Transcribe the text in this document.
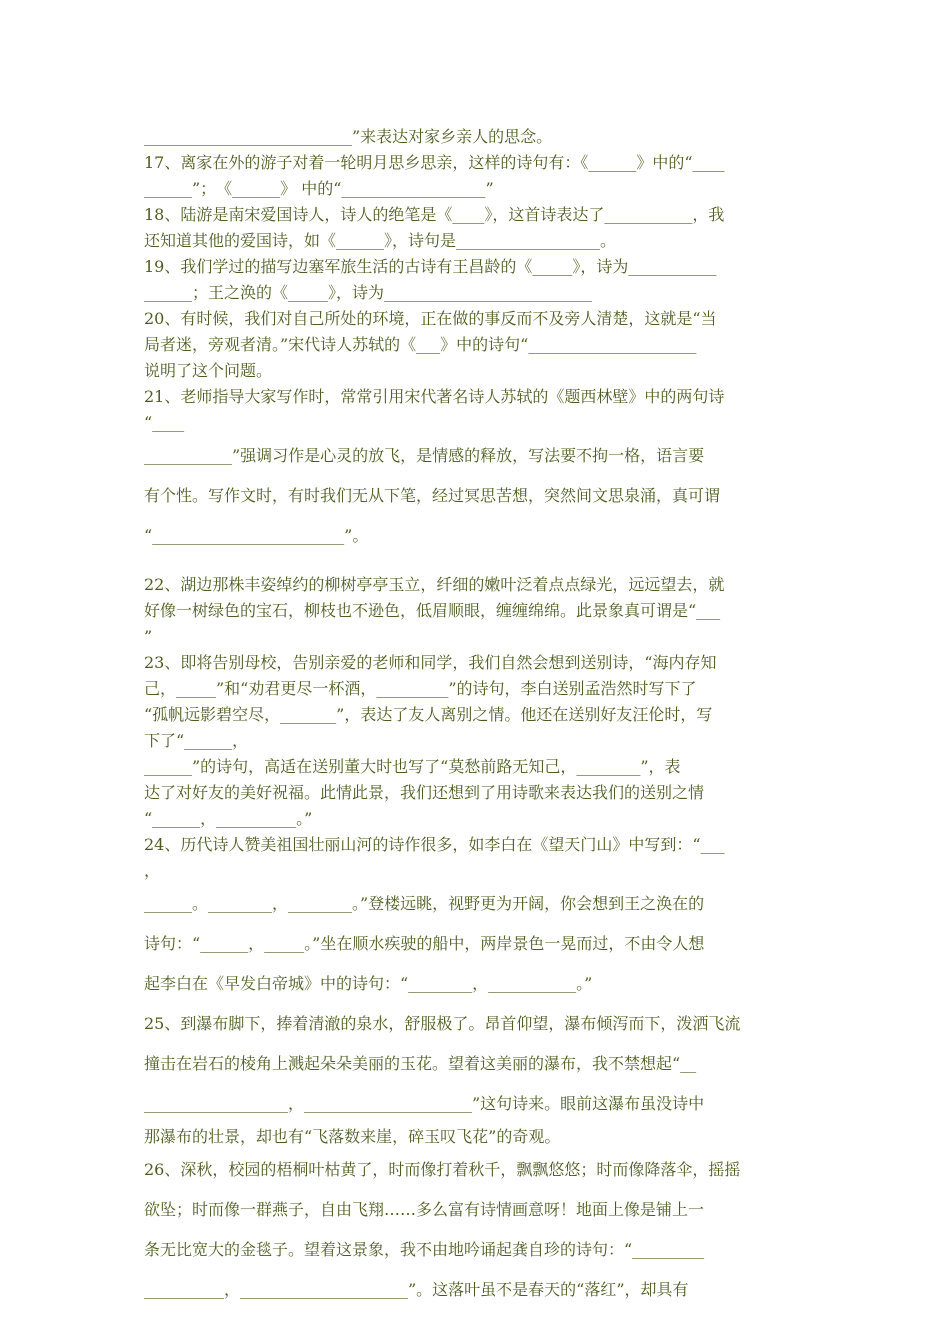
__________________________”来表达对家乡亲人的思念。
17、离家在外的游子对着一轮明月思乡思亲，这样的诗句有：《______》中的“____
______”；　《______》 中的“__________________”
18、陆游是南宋爱国诗人，诗人的绝笔是《____》，这首诗表达了___________，我
还知道其他的爱国诗，如《______》，诗句是__________________。
19、我们学过的描写边塞军旅生活的古诗有王昌龄的《_____》，诗为___________
______；王之涣的《_____》，诗为__________________________
20、有时候，我们对自己所处的环境，正在做的事反而不及旁人清楚，这就是“当
局者迷，旁观者清。”宋代诗人苏轼的《___》中的诗句“_____________________
说明了这个问题。
21、老师指导大家写作时，常常引用宋代著名诗人苏轼的《题西林壁》中的两句诗
“____
___________”强调习作是心灵的放飞，是情感的释放，写法要不拘一格，语言要
有个性。写作文时，有时我们无从下笔，经过冥思苦想，突然间文思泉涌，真可谓
“________________________”。
22、湖边那株丰姿绰约的柳树亭亭玉立，纤细的嫩叶泛着点点绿光，远远望去，就
好像一树绿色的宝石，柳枝也不逊色，低眉顺眼，缠缠绵绵。此景象真可谓是“___
”
23、即将告别母校，告别亲爱的老师和同学，我们自然会想到送别诗，“海内存知
己，_____”和“劝君更尽一杯酒，_________”的诗句，李白送别孟浩然时写下了
“孤帆远影碧空尽，_______”，表达了友人离别之情。他还在送别好友汪伦时，写
下了“______，
______”的诗句，高适在送别董大时也写了“莫愁前路无知己，________”，表
达了对好友的美好祝福。此情此景，我们还想到了用诗歌来表达我们的送别之情
“______，__________。”
24、历代诗人赞美祖国壮丽山河的诗作很多，如李白在《望天门山》中写到：“___
，
______。________，________。”登楼远眺，视野更为开阔，你会想到王之涣在的
诗句：“______，_____。”坐在顺水疾驶的船中，两岸景色一晃而过，不由令人想
起李白在《早发白帝城》中的诗句：“________，___________。”
25、到瀑布脚下，捧着清澈的泉水，舒服极了。昂首仰望，瀑布倾泻而下，泼洒飞流
撞击在岩石的棱角上溅起朵朵美丽的玉花。望着这美丽的瀑布，我不禁想起“__
__________________，_____________________”这句诗来。眼前这瀑布虽没诗中
那瀑布的壮景，却也有“飞落数来崖，碎玉叹飞花”的奇观。
26、深秋，校园的梧桐叶枯黄了，时而像打着秋千，飘飘悠悠；时而像降落伞，摇摇
欲坠；时而像一群燕子，自由飞翔……多么富有诗情画意呀！地面上像是铺上一
条无比宽大的金毯子。望着这景象，我不由地吟诵起龚自珍的诗句：“_________
__________，_____________________”。这落叶虽不是春天的“落红”，却具有
